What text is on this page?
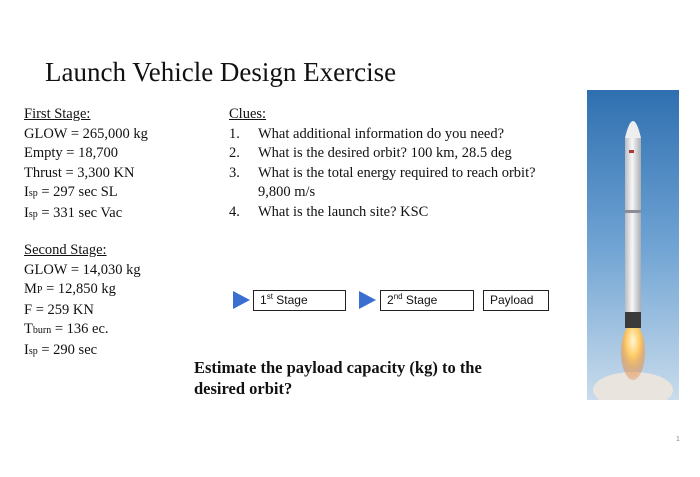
Launch Vehicle Design Exercise
First Stage:
GLOW = 265,000 kg
Empty = 18,700
Thrust = 3,300 KN
Isp = 297 sec SL
Isp = 331 sec Vac
Second Stage:
GLOW = 14,030 kg
MP = 12,850 kg
F = 259 KN
Tburn = 136 ec.
Isp = 290 sec
Clues:
1.	What additional information do you need?
2.	What is the desired orbit? 100 km, 28.5 deg
3.	What is the total energy required to reach orbit? 9,800 m/s
4.	What is the launch site? KSC
1st Stage	2nd Stage	Payload
Estimate the payload capacity (kg) to the desired orbit?
1
